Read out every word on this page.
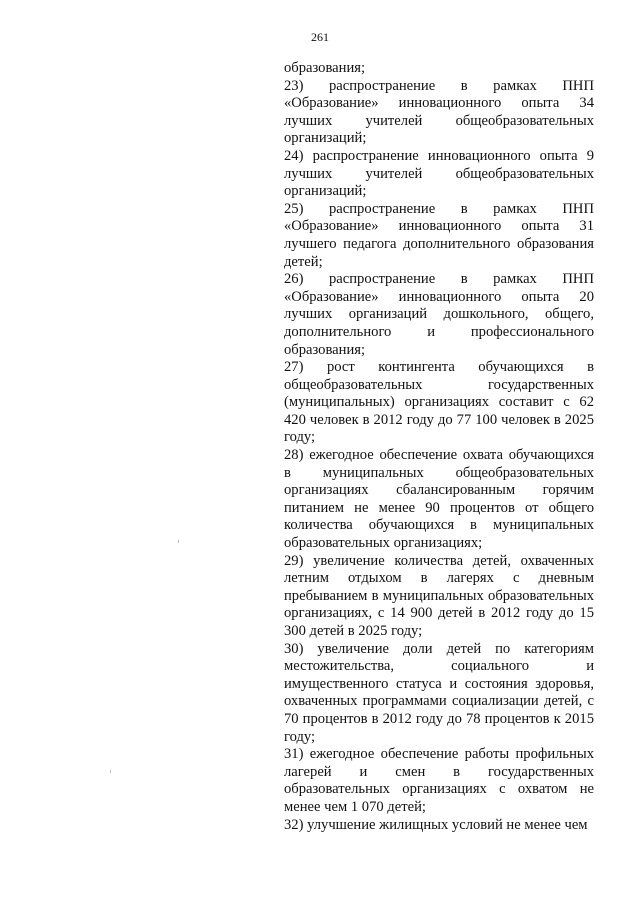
261

образования;

23) распространение в рамках ПНП «Образование» инновационного опыта 34 лучших учителей общеобразовательных организаций;

24) распространение инновационного опыта 9 лучших учителей общеобразовательных организаций;

25) распространение в рамках ПНП «Образование» инновационного опыта 31 лучшего педагога дополнительного образования детей;

26) распространение в рамках ПНП «Образование» инновационного опыта 20 лучших организаций дошкольного, общего, дополнительного и профессионального образования;

27) рост контингента обучающихся в общеобразовательных государственных (муниципальных) организациях составит с 62 420 человек в 2012 году до 77 100 человек в 2025 году;

28) ежегодное обеспечение охвата обучающихся в муниципальных общеобразовательных организациях сбалансированным горячим питанием не менее 90 процентов от общего количества обучающихся в муниципальных образовательных организациях;

29) увеличение количества детей, охваченных летним отдыхом в лагерях с дневным пребыванием в муниципальных образовательных организациях, с 14 900 детей в 2012 году до 15 300 детей в 2025 году;

30) увеличение доли детей по категориям местожительства, социального и имущественного статуса и состояния здоровья, охваченных программами социализации детей, с 70 процентов в 2012 году до 78 процентов к 2015 году;

31) ежегодное обеспечение работы профильных лагерей и смен в государственных образовательных организациях с охватом не менее чем 1 070 детей;

32) улучшение жилищных условий не менее чем
